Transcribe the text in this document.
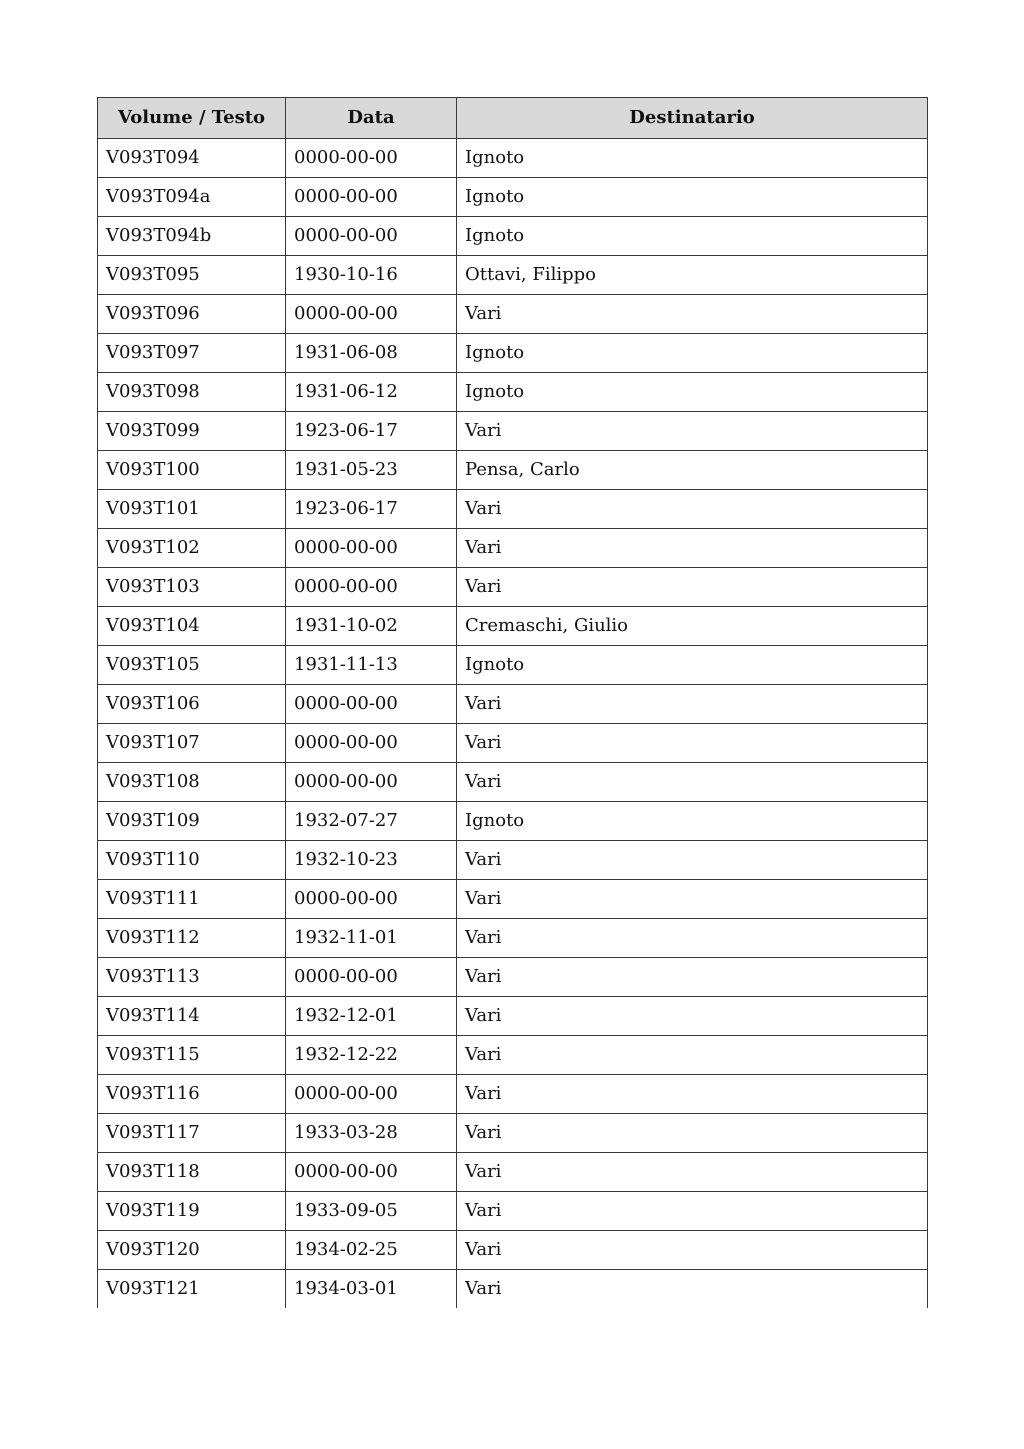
Volume / Testo	Data	Destinatario
V093T094	0000-00-00	Ignoto
V093T094a	0000-00-00	Ignoto
V093T094b	0000-00-00	Ignoto
V093T095	1930-10-16	Ottavi, Filippo
V093T096	0000-00-00	Vari
V093T097	1931-06-08	Ignoto
V093T098	1931-06-12	Ignoto
V093T099	1923-06-17	Vari
V093T100	1931-05-23	Pensa, Carlo
V093T101	1923-06-17	Vari
V093T102	0000-00-00	Vari
V093T103	0000-00-00	Vari
V093T104	1931-10-02	Cremaschi, Giulio
V093T105	1931-11-13	Ignoto
V093T106	0000-00-00	Vari
V093T107	0000-00-00	Vari
V093T108	0000-00-00	Vari
V093T109	1932-07-27	Ignoto
V093T110	1932-10-23	Vari
V093T111	0000-00-00	Vari
V093T112	1932-11-01	Vari
V093T113	0000-00-00	Vari
V093T114	1932-12-01	Vari
V093T115	1932-12-22	Vari
V093T116	0000-00-00	Vari
V093T117	1933-03-28	Vari
V093T118	0000-00-00	Vari
V093T119	1933-09-05	Vari
V093T120	1934-02-25	Vari
V093T121	1934-03-01	Vari
